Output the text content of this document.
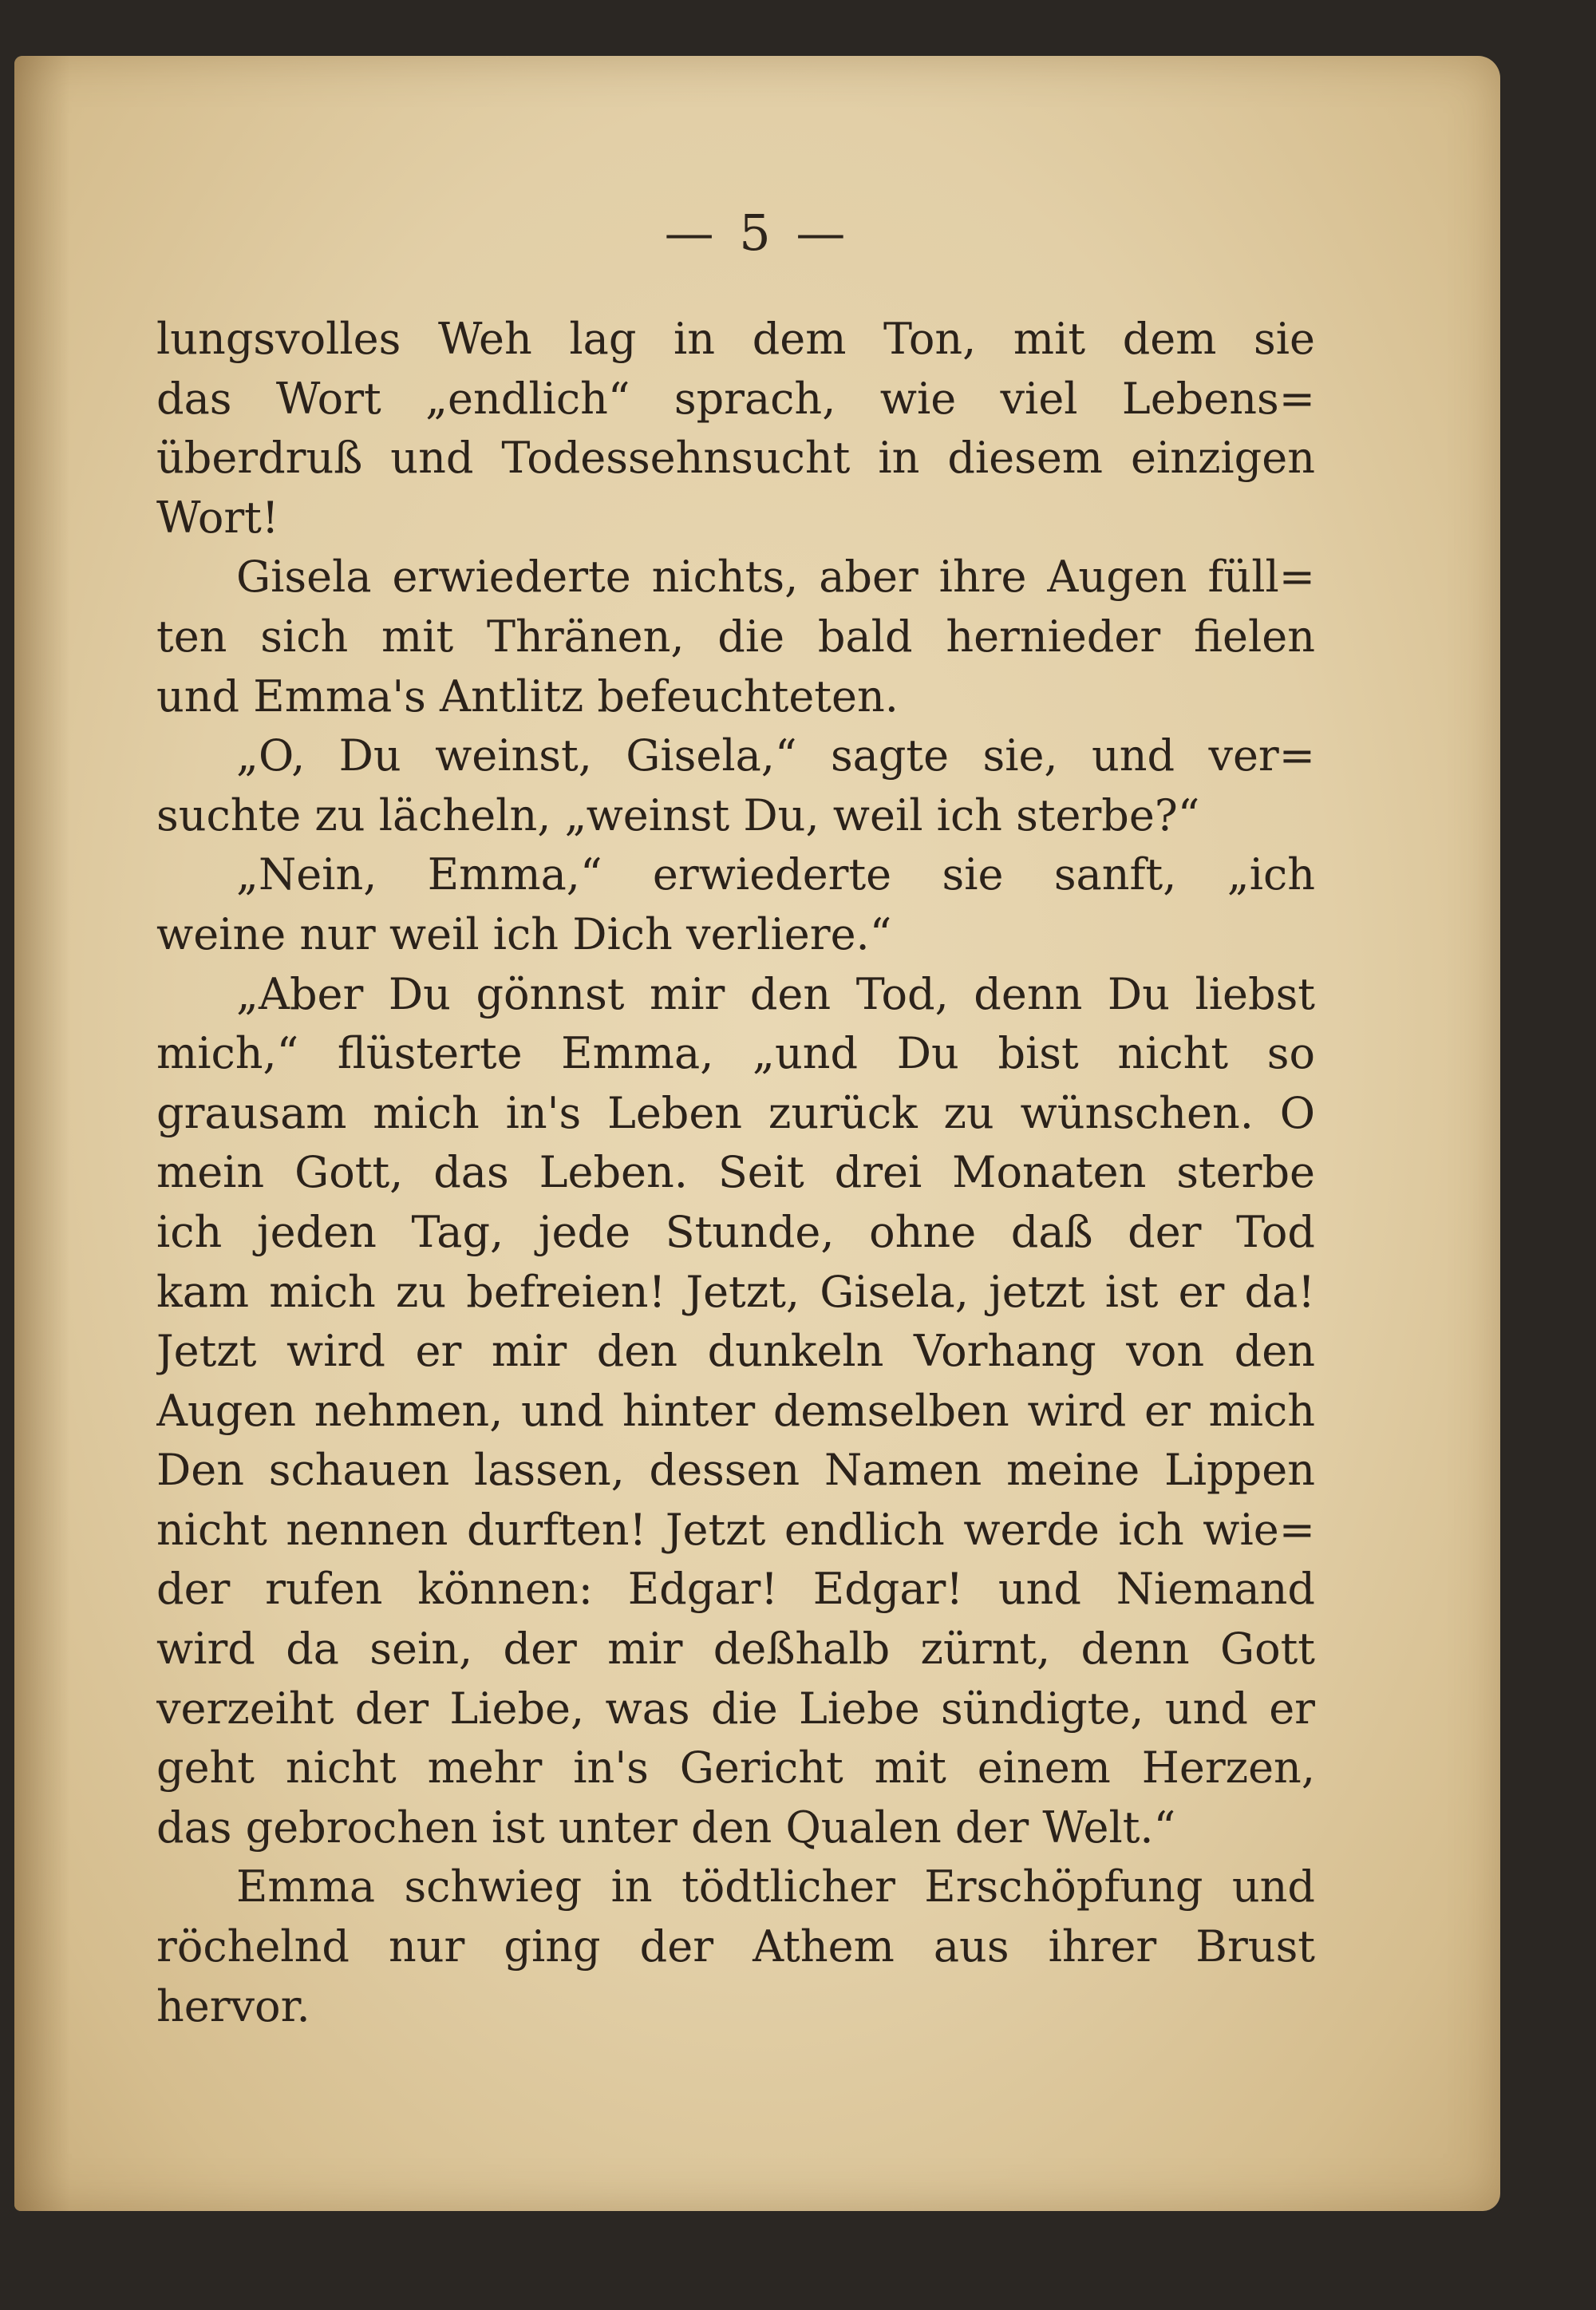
— 5 —
lungsvolles Weh lag in dem Ton, mit dem sie
das Wort „endlich“ sprach, wie viel Lebens=
überdruß und Todessehnsucht in diesem einzigen
Wort!
Gisela erwiederte nichts, aber ihre Augen füll=
ten sich mit Thränen, die bald hernieder fielen
und Emma's Antlitz befeuchteten.
„O, Du weinst, Gisela,“ sagte sie, und ver=
suchte zu lächeln, „weinst Du, weil ich sterbe?“
„Nein, Emma,“ erwiederte sie sanft, „ich
weine nur weil ich Dich verliere.“
„Aber Du gönnst mir den Tod, denn Du liebst
mich,“ flüsterte Emma, „und Du bist nicht so
grausam mich in's Leben zurück zu wünschen. O
mein Gott, das Leben. Seit drei Monaten sterbe
ich jeden Tag, jede Stunde, ohne daß der Tod
kam mich zu befreien! Jetzt, Gisela, jetzt ist er da!
Jetzt wird er mir den dunkeln Vorhang von den
Augen nehmen, und hinter demselben wird er mich
Den schauen lassen, dessen Namen meine Lippen
nicht nennen durften! Jetzt endlich werde ich wie=
der rufen können: Edgar! Edgar! und Niemand
wird da sein, der mir deßhalb zürnt, denn Gott
verzeiht der Liebe, was die Liebe sündigte, und er
geht nicht mehr in's Gericht mit einem Herzen,
das gebrochen ist unter den Qualen der Welt.“
Emma schwieg in tödtlicher Erschöpfung und
röchelnd nur ging der Athem aus ihrer Brust
hervor.
